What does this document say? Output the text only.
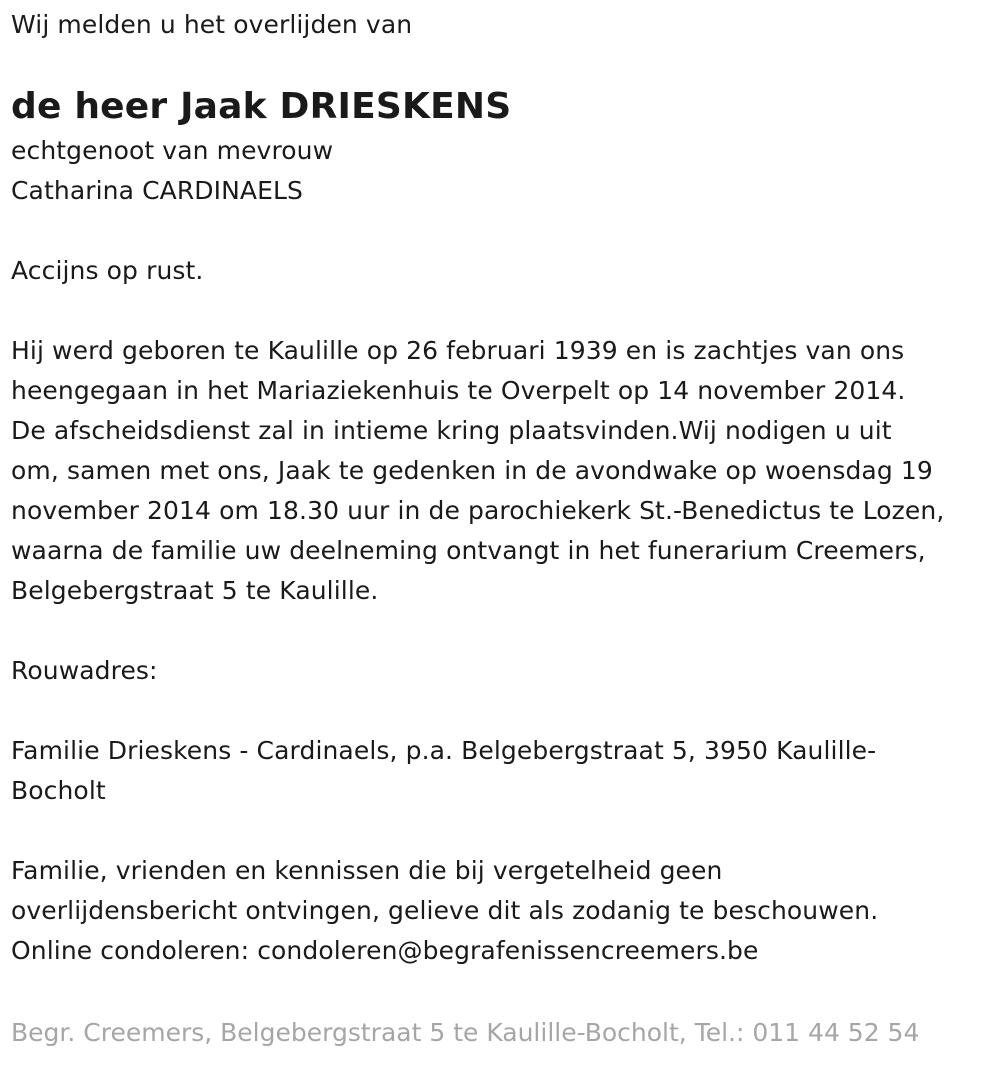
Wij melden u het overlijden van
de heer Jaak DRIESKENS
echtgenoot van mevrouw
Catharina CARDINAELS
Accijns op rust.
Hij werd geboren te Kaulille op 26 februari 1939 en is zachtjes van ons
heengegaan in het Mariaziekenhuis te Overpelt op 14 november 2014.
De afscheidsdienst zal in intieme kring plaatsvinden.Wij nodigen u uit
om, samen met ons, Jaak te gedenken in de avondwake op woensdag 19
november 2014 om 18.30 uur in de parochiekerk St.-Benedictus te Lozen,
waarna de familie uw deelneming ontvangt in het funerarium Creemers,
Belgebergstraat 5 te Kaulille.
Rouwadres:
Familie Drieskens - Cardinaels, p.a. Belgebergstraat 5, 3950 Kaulille-
Bocholt
Familie, vrienden en kennissen die bij vergetelheid geen
overlijdensbericht ontvingen, gelieve dit als zodanig te beschouwen.
Online condoleren: condoleren@begrafenissencreemers.be
Begr. Creemers, Belgebergstraat 5 te Kaulille-Bocholt, Tel.: 011 44 52 54
